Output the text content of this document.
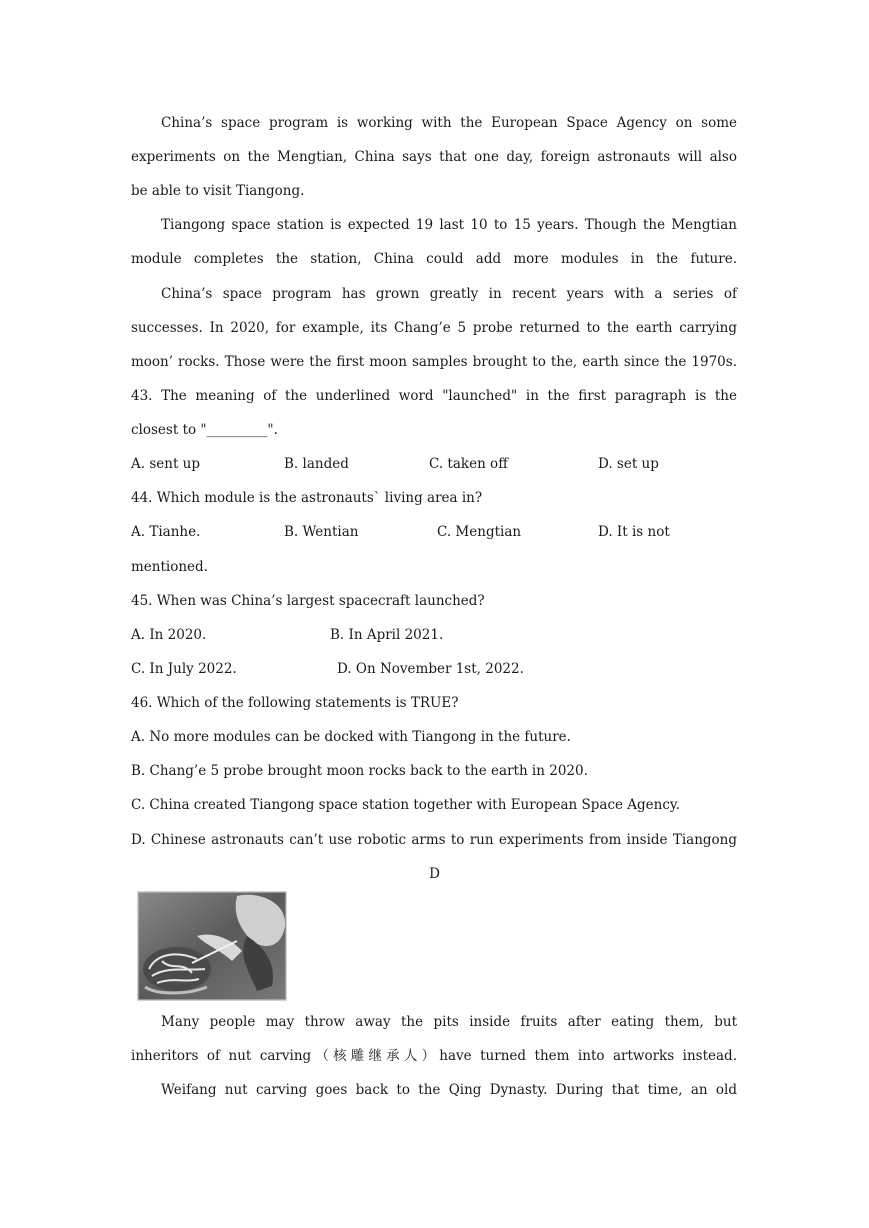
China’s space program is working with the European Space Agency on some
experiments on the Mengtian, China says that one day, foreign astronauts will also
be able to visit Tiangong.
Tiangong space station is expected 19 last 10 to 15 years. Though the Mengtian
module completes the station, China could add more modules in the future.
China’s space program has grown greatly in recent years with a series of
successes. In 2020, for example, its Chang’e 5 probe returned to the earth carrying
moon’ rocks. Those were the first moon samples brought to the, earth since the 1970s.
43. The meaning of the underlined word "launched" in the first paragraph is the
closest to "_________".
A. sent up	B. landed	C. taken off	D. set up
44. Which module is the astronauts` living area in?
A. Tianhe.	B. Wentian	C. Mengtian	D. It is not
mentioned.
45. When was China’s largest spacecraft launched?
A. In 2020.	B. In April 2021.
C. In July 2022.	D. On November 1st, 2022.
46. Which of the following statements is TRUE?
A. No more modules can be docked with Tiangong in the future.
B. Chang’e 5 probe brought moon rocks back to the earth in 2020.
C. China created Tiangong space station together with European Space Agency.
D. Chinese astronauts can’t use robotic arms to run experiments from inside Tiangong
D
Many people may throw away the pits inside fruits after eating them, but
inheritors of nut carving（核雕继承人）have turned them into artworks instead.
Weifang nut carving goes back to the Qing Dynasty. During that time, an old
